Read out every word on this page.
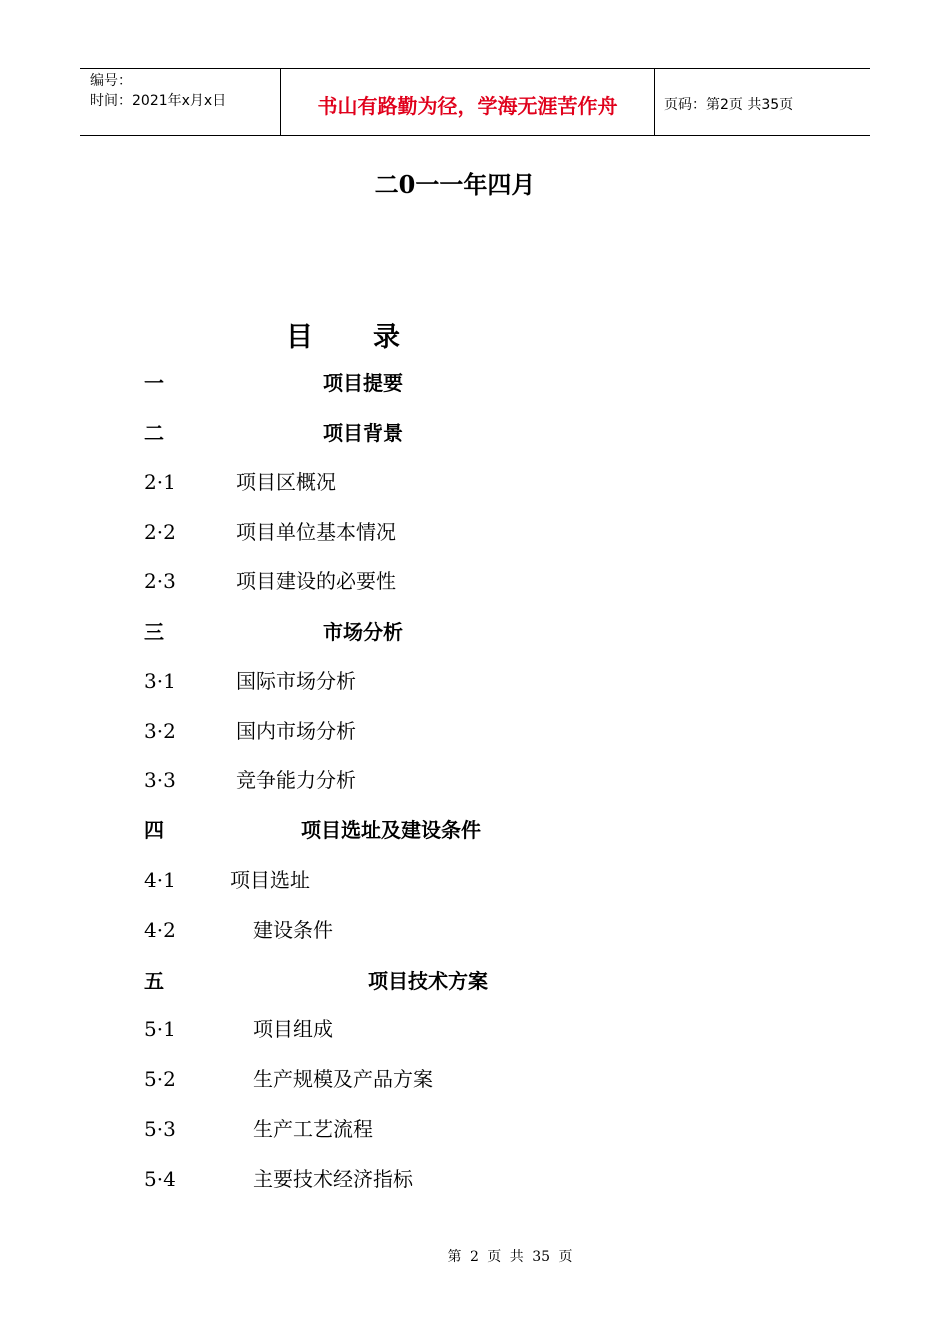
编号：
时间：2021年x月x日	书山有路勤为径，学海无涯苦作舟	页码：第2页 共35页
二0一一年四月
目录
一	项目提要
二	项目背景
2·1	项目区概况
2·2	项目单位基本情况
2·3	项目建设的必要性
三	市场分析
3·1	国际市场分析
3·2	国内市场分析
3·3	竞争能力分析
四	项目选址及建设条件
4·1	项目选址
4·2	建设条件
五	项目技术方案
5·1	项目组成
5·2	生产规模及产品方案
5·3	生产工艺流程
5·4	主要技术经济指标
第 2 页 共 35 页
